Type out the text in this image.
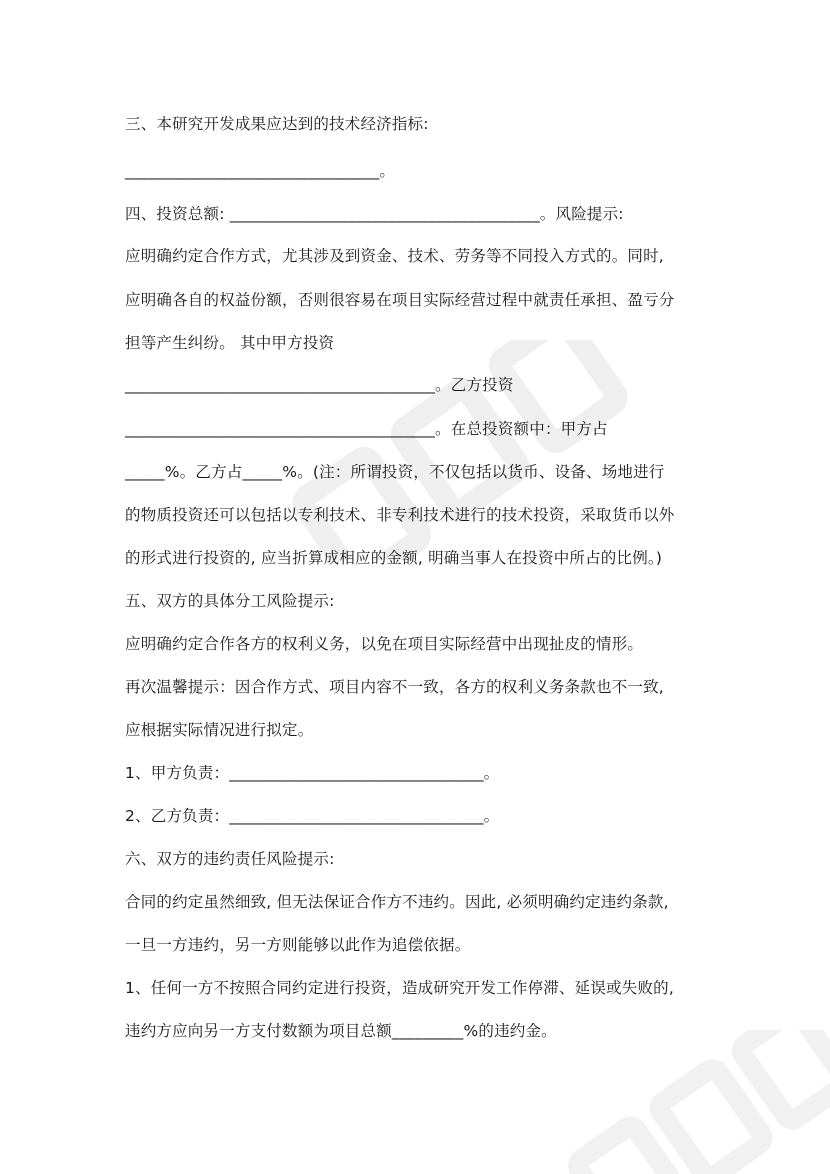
三、本研究开发成果应达到的技术经济指标:
________________________________。
四、投资总额: _______________________________________。风险提示:
应明确约定合作方式，尤其涉及到资金、技术、劳务等不同投入方式的。同时,
应明确各自的权益份额，否则很容易在项目实际经营过程中就责任承担、盈亏分
担等产生纠纷。 其中甲方投资
_______________________________________。乙方投资
_______________________________________。在总投资额中：甲方占
_____%。乙方占_____%。(注：所谓投资，不仅包括以货币、设备、场地进行
的物质投资还可以包括以专利技术、非专利技术进行的技术投资，采取货币以外
的形式进行投资的, 应当折算成相应的金额, 明确当事人在投资中所占的比例。)
五、双方的具体分工风险提示:
应明确约定合作各方的权利义务，以免在项目实际经营中出现扯皮的情形。
再次温馨提示：因合作方式、项目内容不一致，各方的权利义务条款也不一致,
应根据实际情况进行拟定。
1、甲方负责：________________________________。
2、乙方负责：________________________________。
六、双方的违约责任风险提示:
合同的约定虽然细致, 但无法保证合作方不违约。因此, 必须明确约定违约条款,
一旦一方违约，另一方则能够以此作为追偿依据。
1、任何一方不按照合同约定进行投资，造成研究开发工作停滞、延误或失败的,
违约方应向另一方支付数额为项目总额_________%的违约金。
